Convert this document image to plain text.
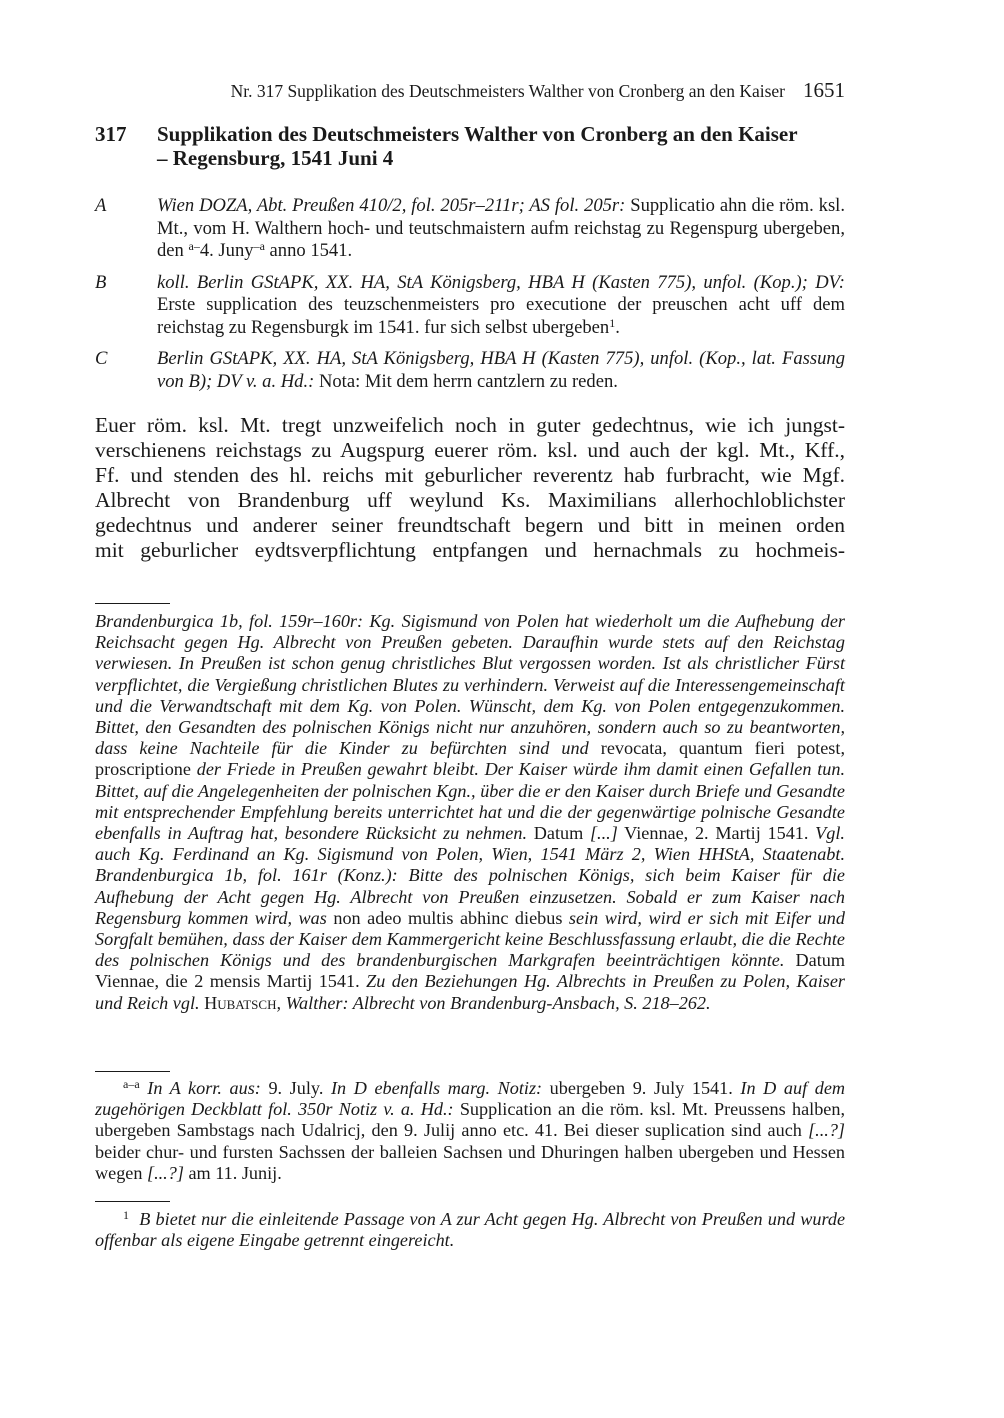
Nr. 317 Supplikation des Deutschmeisters Walther von Cronberg an den Kaiser 1651
317 Supplikation des Deutschmeisters Walther von Cronberg an den Kaiser
– Regensburg, 1541 Juni 4
A	Wien DOZA, Abt. Preußen 410/2, fol. 205r–211r; AS fol. 205r: Supplicatio ahn die röm. ksl. Mt., vom H. Walthern hoch- und teutschmaistern aufm reichstag zu Regenspurg ubergeben, den $^{a-}$4. Juny$^{-a}$ anno 1541.
B	koll. Berlin GStAPK, XX. HA, StA Königsberg, HBA H (Kasten 775), unfol. (Kop.); DV: Erste supplication des teuzschenmeisters pro executione der preuschen acht uff dem reichstag zu Regensburgk im 1541. fur sich selbst ubergeben$^1$.
C	Berlin GStAPK, XX. HA, StA Königsberg, HBA H (Kasten 775), unfol. (Kop., lat. Fassung von B); DV v. a. Hd.: Nota: Mit dem herrn cantzlern zu reden.
Euer röm. ksl. Mt. tregt unzweifelich noch in guter gedechtnus, wie ich jungst-
verschienens reichstags zu Augspurg euerer röm. ksl. und auch der kgl. Mt., Kff.,
Ff. und stenden des hl. reichs mit geburlicher reverentz hab furbracht, wie Mgf.
Albrecht von Brandenburg uff weylund Ks. Maximilians allerhochloblichster
gedechtnus und anderer seiner freundtschaft begern und bitt in meinen orden
mit geburlicher eydtsverpflichtung entpfangen und hernachmals zu hochmeis-
Brandenburgica 1b, fol. 159r–160r: Kg. Sigismund von Polen hat wiederholt um die Aufhebung der Reichsacht gegen Hg. Albrecht von Preußen gebeten. Daraufhin wurde stets auf den Reichstag verwiesen. In Preußen ist schon genug christliches Blut vergossen worden. Ist als christlicher Fürst verpflichtet, die Vergießung christlichen Blutes zu verhindern. Verweist auf die Interessengemeinschaft und die Verwandtschaft mit dem Kg. von Polen. Wünscht, dem Kg. von Polen entgegenzukommen. Bittet, den Gesandten des polnischen Königs nicht nur anzuhören, sondern auch so zu beantworten, dass keine Nachteile für die Kinder zu befürchten sind und revocata, quantum fieri potest, proscriptione der Friede in Preußen gewahrt bleibt. Der Kaiser würde ihm damit einen Gefallen tun. Bittet, auf die Angelegenheiten der polnischen Kgn., über die er den Kaiser durch Briefe und Gesandte mit entsprechender Empfehlung bereits unterrichtet hat und die der gegenwärtige polnische Gesandte ebenfalls in Auftrag hat, besondere Rücksicht zu nehmen. Datum [...] Viennae, 2. Martij 1541. Vgl. auch Kg. Ferdinand an Kg. Sigismund von Polen, Wien, 1541 März 2, Wien HHStA, Staatenabt. Brandenburgica 1b, fol. 161r (Konz.): Bitte des polnischen Königs, sich beim Kaiser für die Aufhebung der Acht gegen Hg. Albrecht von Preußen einzusetzen. Sobald er zum Kaiser nach Regensburg kommen wird, was non adeo multis abhinc diebus sein wird, wird er sich mit Eifer und Sorgfalt bemühen, dass der Kaiser dem Kammergericht keine Beschlussfassung erlaubt, die die Rechte des polnischen Königs und des brandenburgischen Markgrafen beeinträchtigen könnte. Datum Viennae, die 2 mensis Martij 1541. Zu den Beziehungen Hg. Albrechts in Preußen zu Polen, Kaiser und Reich vgl. Hubatsch, Walther: Albrecht von Brandenburg-Ansbach, S. 218–262.
$^{a-a}$ In A korr. aus: 9. July. In D ebenfalls marg. Notiz: ubergeben 9. July 1541. In D auf dem zugehörigen Deckblatt fol. 350r Notiz v. a. Hd.: Supplication an die röm. ksl. Mt. Preussens halben, ubergeben Sambstags nach Udalricj, den 9. Julij anno etc. 41. Bei dieser suplication sind auch [...?] beider chur- und fursten Sachssen der balleien Sachsen und Dhuringen halben ubergeben und Hessen wegen [...?] am 11. Junij.
$^1$ B bietet nur die einleitende Passage von A zur Acht gegen Hg. Albrecht von Preußen und wurde offenbar als eigene Eingabe getrennt eingereicht.
